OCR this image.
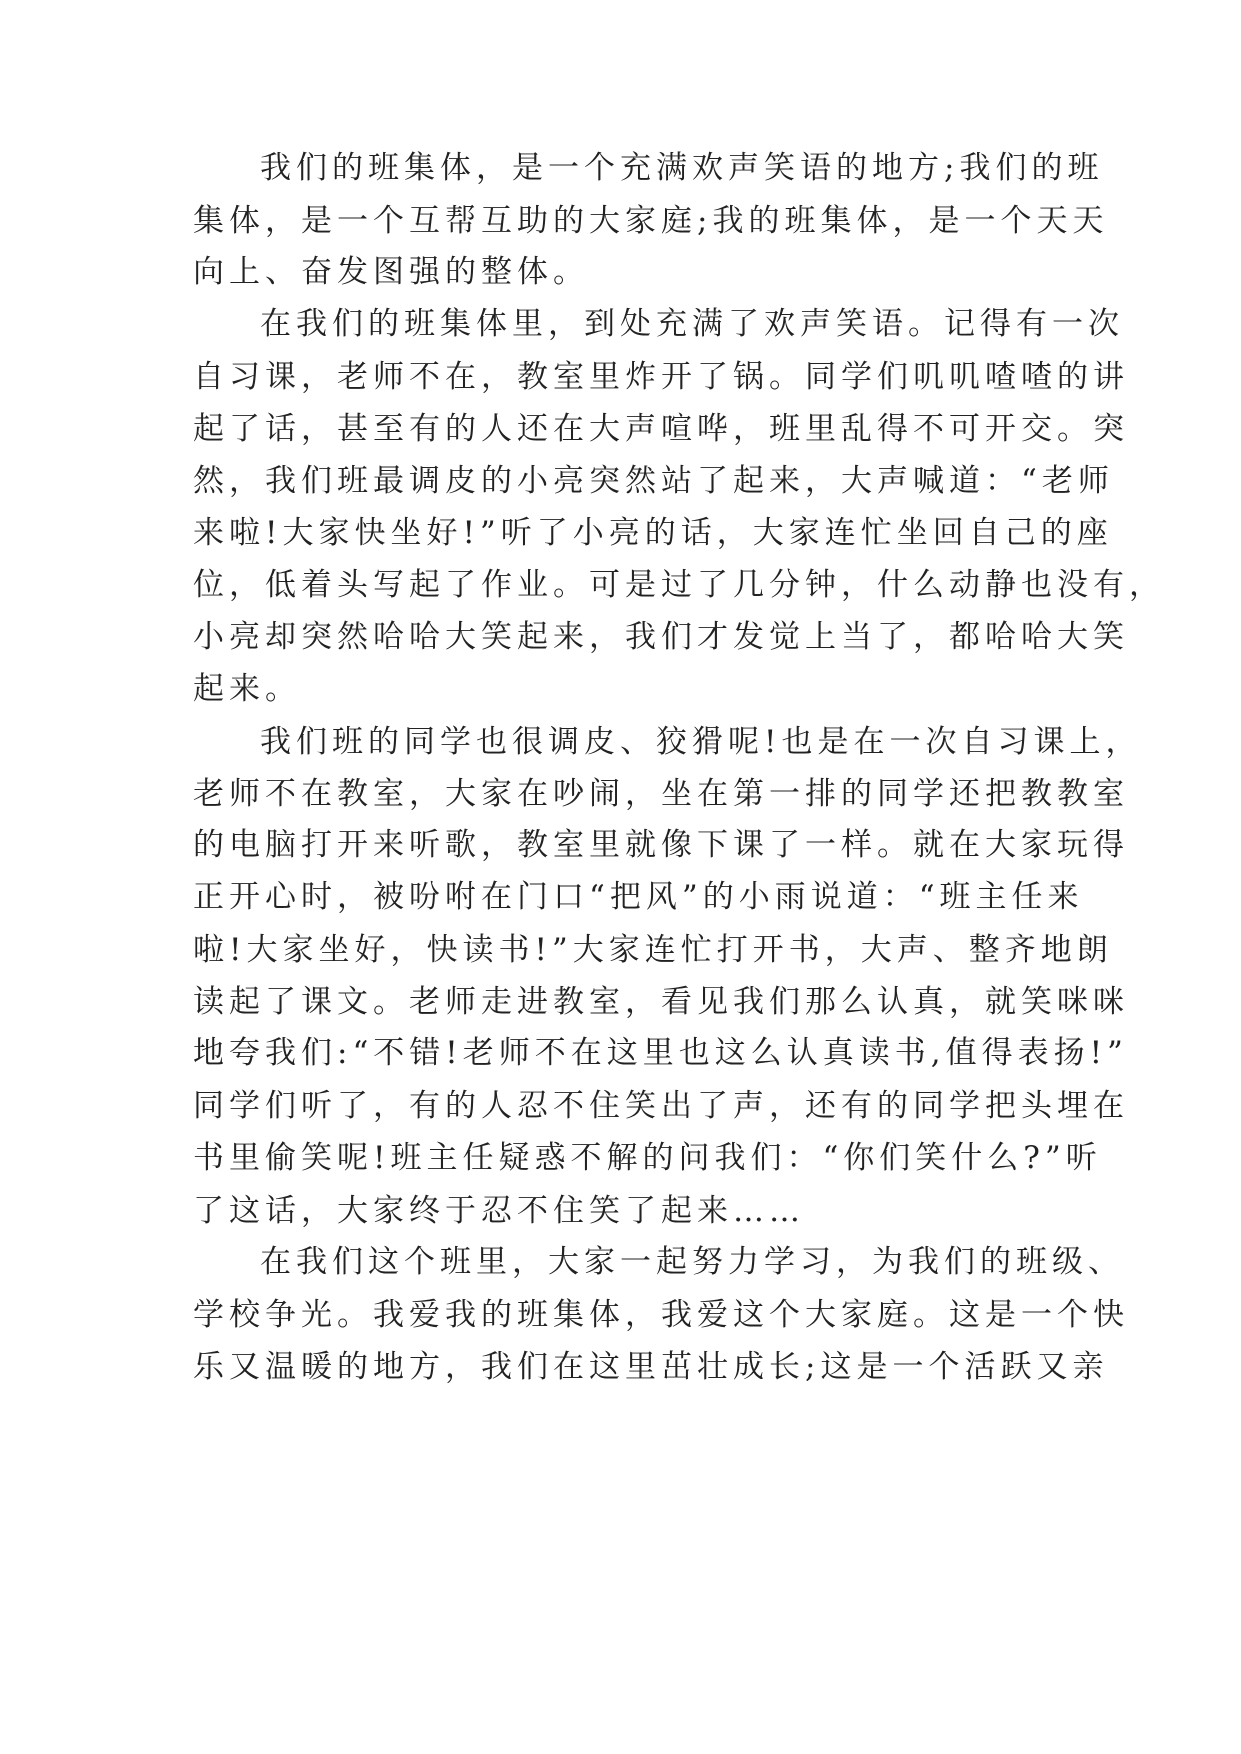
我们的班集体，是一个充满欢声笑语的地方;我们的班
集体，是一个互帮互助的大家庭;我的班集体，是一个天天
向上、奋发图强的整体。
在我们的班集体里，到处充满了欢声笑语。记得有一次
自习课，老师不在，教室里炸开了锅。同学们叽叽喳喳的讲
起了话，甚至有的人还在大声喧哗，班里乱得不可开交。突
然，我们班最调皮的小亮突然站了起来，大声喊道：“老师
来啦!大家快坐好!”听了小亮的话，大家连忙坐回自己的座
位，低着头写起了作业。可是过了几分钟，什么动静也没有，
小亮却突然哈哈大笑起来，我们才发觉上当了，都哈哈大笑
起来。
我们班的同学也很调皮、狡猾呢!也是在一次自习课上，
老师不在教室，大家在吵闹，坐在第一排的同学还把教教室
的电脑打开来听歌，教室里就像下课了一样。就在大家玩得
正开心时，被吩咐在门口“把风”的小雨说道：“班主任来
啦!大家坐好，快读书!”大家连忙打开书，大声、整齐地朗
读起了课文。老师走进教室，看见我们那么认真，就笑咪咪
地夸我们:“不错!老师不在这里也这么认真读书,值得表扬!”
同学们听了，有的人忍不住笑出了声，还有的同学把头埋在
书里偷笑呢!班主任疑惑不解的问我们：“你们笑什么?”听
了这话，大家终于忍不住笑了起来……
在我们这个班里，大家一起努力学习，为我们的班级、
学校争光。我爱我的班集体，我爱这个大家庭。这是一个快
乐又温暖的地方，我们在这里茁壮成长;这是一个活跃又亲
